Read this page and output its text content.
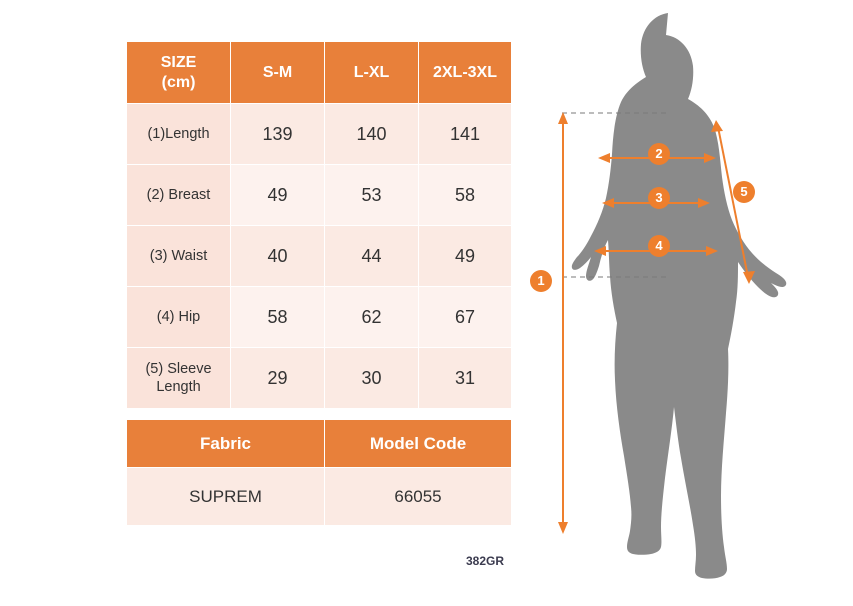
SIZE
(cm)	S-M	L-XL	2XL-3XL
(1)Length	139	140	141
(2) Breast	49	53	58
(3) Waist	40	44	49
(4) Hip	58	62	67

(5) Sleeve
Length	29	30	31

Fabric		Model Code	
SUPREM		66055	
382GR
1
2
3
4
5
